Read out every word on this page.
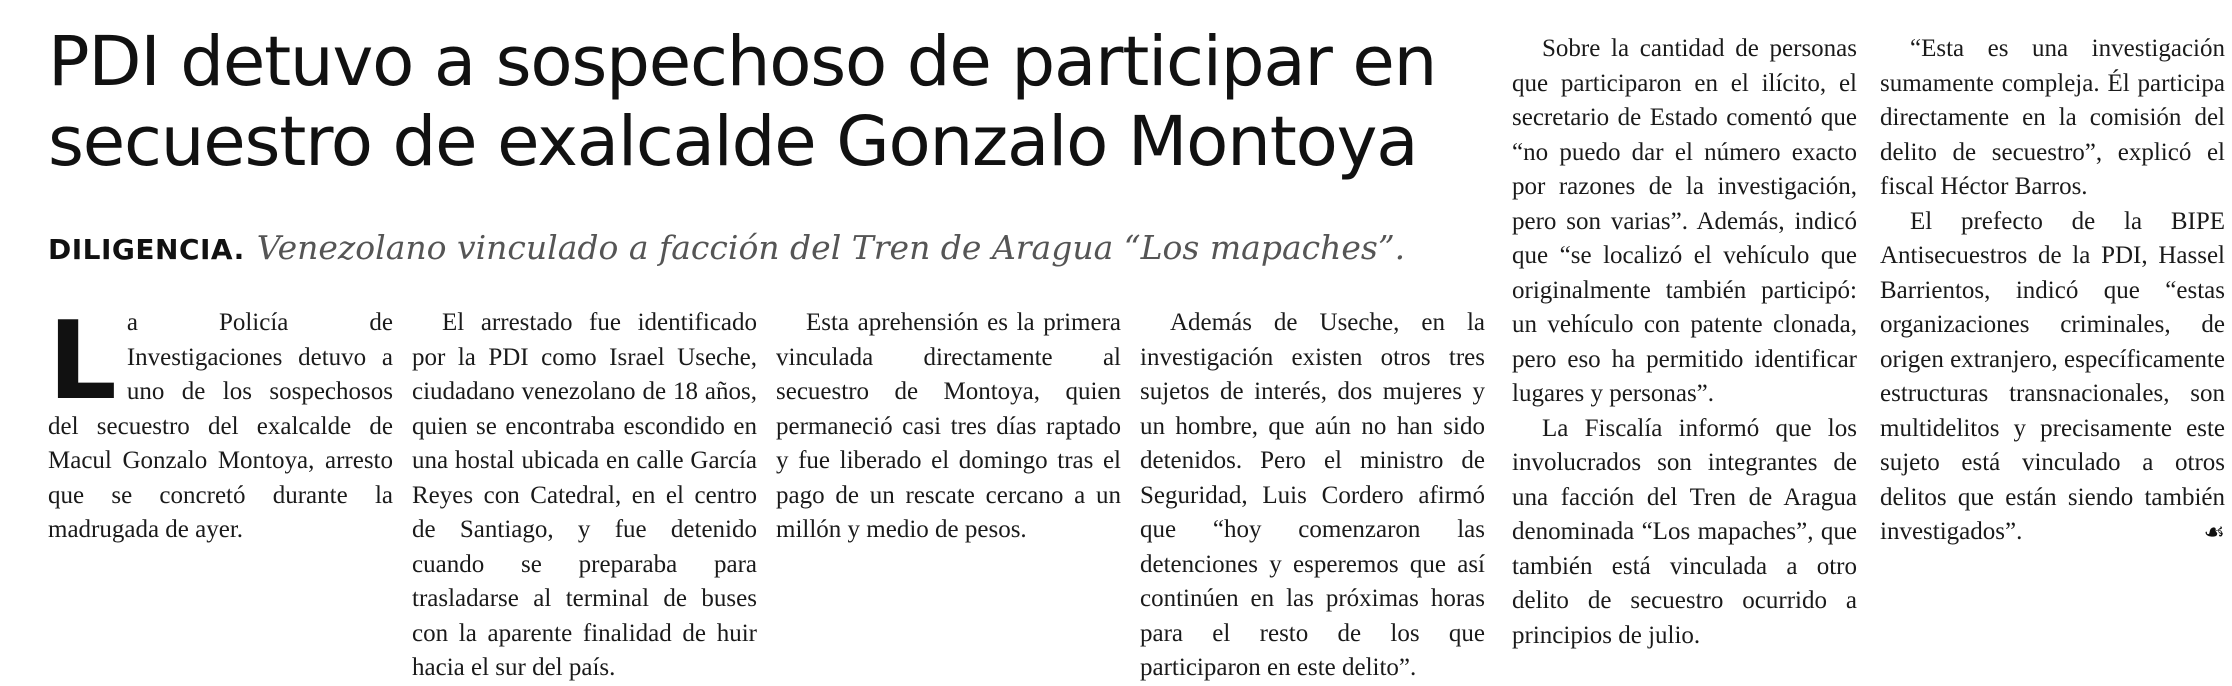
PDI detuvo a sospechoso de participar en
secuestro de exalcalde Gonzalo Montoya
DILIGENCIA. Venezolano vinculado a facción del Tren de Aragua “Los mapaches”.

La Policía de Investigaciones detuvo a uno de los sospechosos del secuestro del exalcalde de Macul Gonzalo Montoya, arresto que se concretó durante la madrugada de ayer.

El arrestado fue identificado por la PDI como Israel Useche, ciudadano venezolano de 18 años, quien se encontraba escondido en una hostal ubicada en calle García Reyes con Catedral, en el centro de Santiago, y fue detenido cuando se preparaba para trasladarse al terminal de buses con la aparente finalidad de huir hacia el sur del país.

Esta aprehensión es la primera vinculada directamente al secuestro de Montoya, quien permaneció casi tres días raptado y fue liberado el domingo tras el pago de un rescate cercano a un millón y medio de pesos.

Además de Useche, en la investigación existen otros tres sujetos de interés, dos mujeres y un hombre, que aún no han sido detenidos. Pero el ministro de Seguridad, Luis Cordero afirmó que “hoy comenzaron las detenciones y esperemos que así continúen en las próximas horas para el resto de los que participaron en este delito”.

Sobre la cantidad de personas que participaron en el ilícito, el secretario de Estado comentó que “no puedo dar el número exacto por razones de la investigación, pero son varias”. Además, indicó que “se localizó el vehículo que originalmente también participó: un vehículo con patente clonada, pero eso ha permitido identificar lugares y personas”.

La Fiscalía informó que los involucrados son integrantes de una facción del Tren de Aragua denominada “Los mapaches”, que también está vinculada a otro delito de secuestro ocurrido a principios de julio.

“Esta es una investigación sumamente compleja. Él participa directamente en la comisión del delito de secuestro”, explicó el fiscal Héctor Barros.

El prefecto de la BIPE Antisecuestros de la PDI, Hassel Barrientos, indicó que “estas organizaciones criminales, de origen extranjero, específicamente estructuras transnacionales, son multidelitos y precisamente este sujeto está vinculado a otros delitos que están siendo también investigados”.	☙
